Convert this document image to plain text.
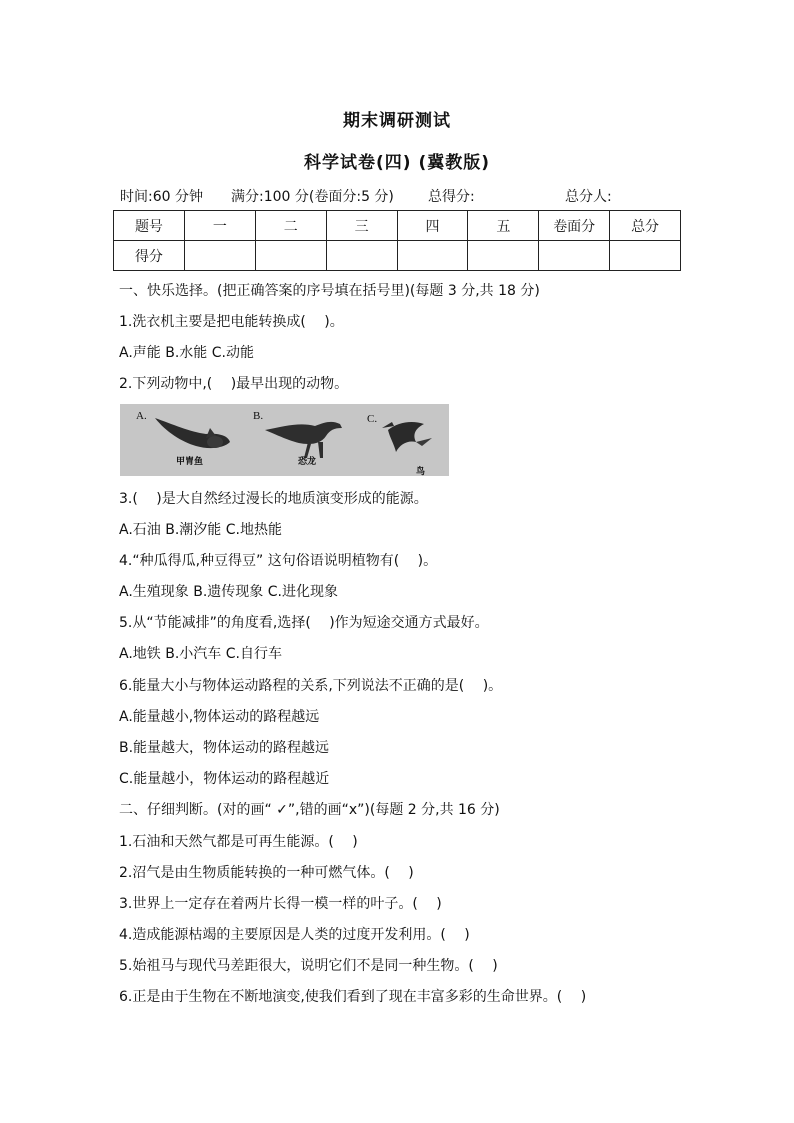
期末调研测试
科学试卷(四) (冀教版)
时间:60 分钟 满分:100 分(卷面分:5 分) 总得分:	总分人:
题号	一	二	三	四	五	卷面分	总分
得分							
一、快乐选择。(把正确答案的序号填在括号里)(每题 3 分,共 18 分)
1.洗衣机主要是把电能转换成(　 )。
A.声能 B.水能 C.动能
2.下列动物中,(　 )最早出现的动物。
A.	B.	C.
甲胄鱼	恐龙
鸟
3.(　 )是大自然经过漫长的地质演变形成的能源。
A.石油 B.潮汐能 C.地热能
4.“种瓜得瓜,种豆得豆” 这句俗语说明植物有(　 )。
A.生殖现象 B.遗传现象 C.进化现象
5.从“节能减排”的角度看,选择(　 )作为短途交通方式最好。
A.地铁 B.小汽车 C.自行车
6.能量大小与物体运动路程的关系,下列说法不正确的是(　 )。
A.能量越小,物体运动的路程越远
B.能量越大，物体运动的路程越远
C.能量越小，物体运动的路程越近
二、仔细判断。(对的画“ ✓”,错的画“x”)(每题 2 分,共 16 分)
1.石油和天然气都是可再生能源。(　 )
2.沼气是由生物质能转换的一种可燃气体。(　 )
3.世界上一定存在着两片长得一模一样的叶子。(　 )
4.造成能源枯竭的主要原因是人类的过度开发利用。(　 )
5.始祖马与现代马差距很大，说明它们不是同一种生物。(　 )
6.正是由于生物在不断地演变,使我们看到了现在丰富多彩的生命世界。(　 )
